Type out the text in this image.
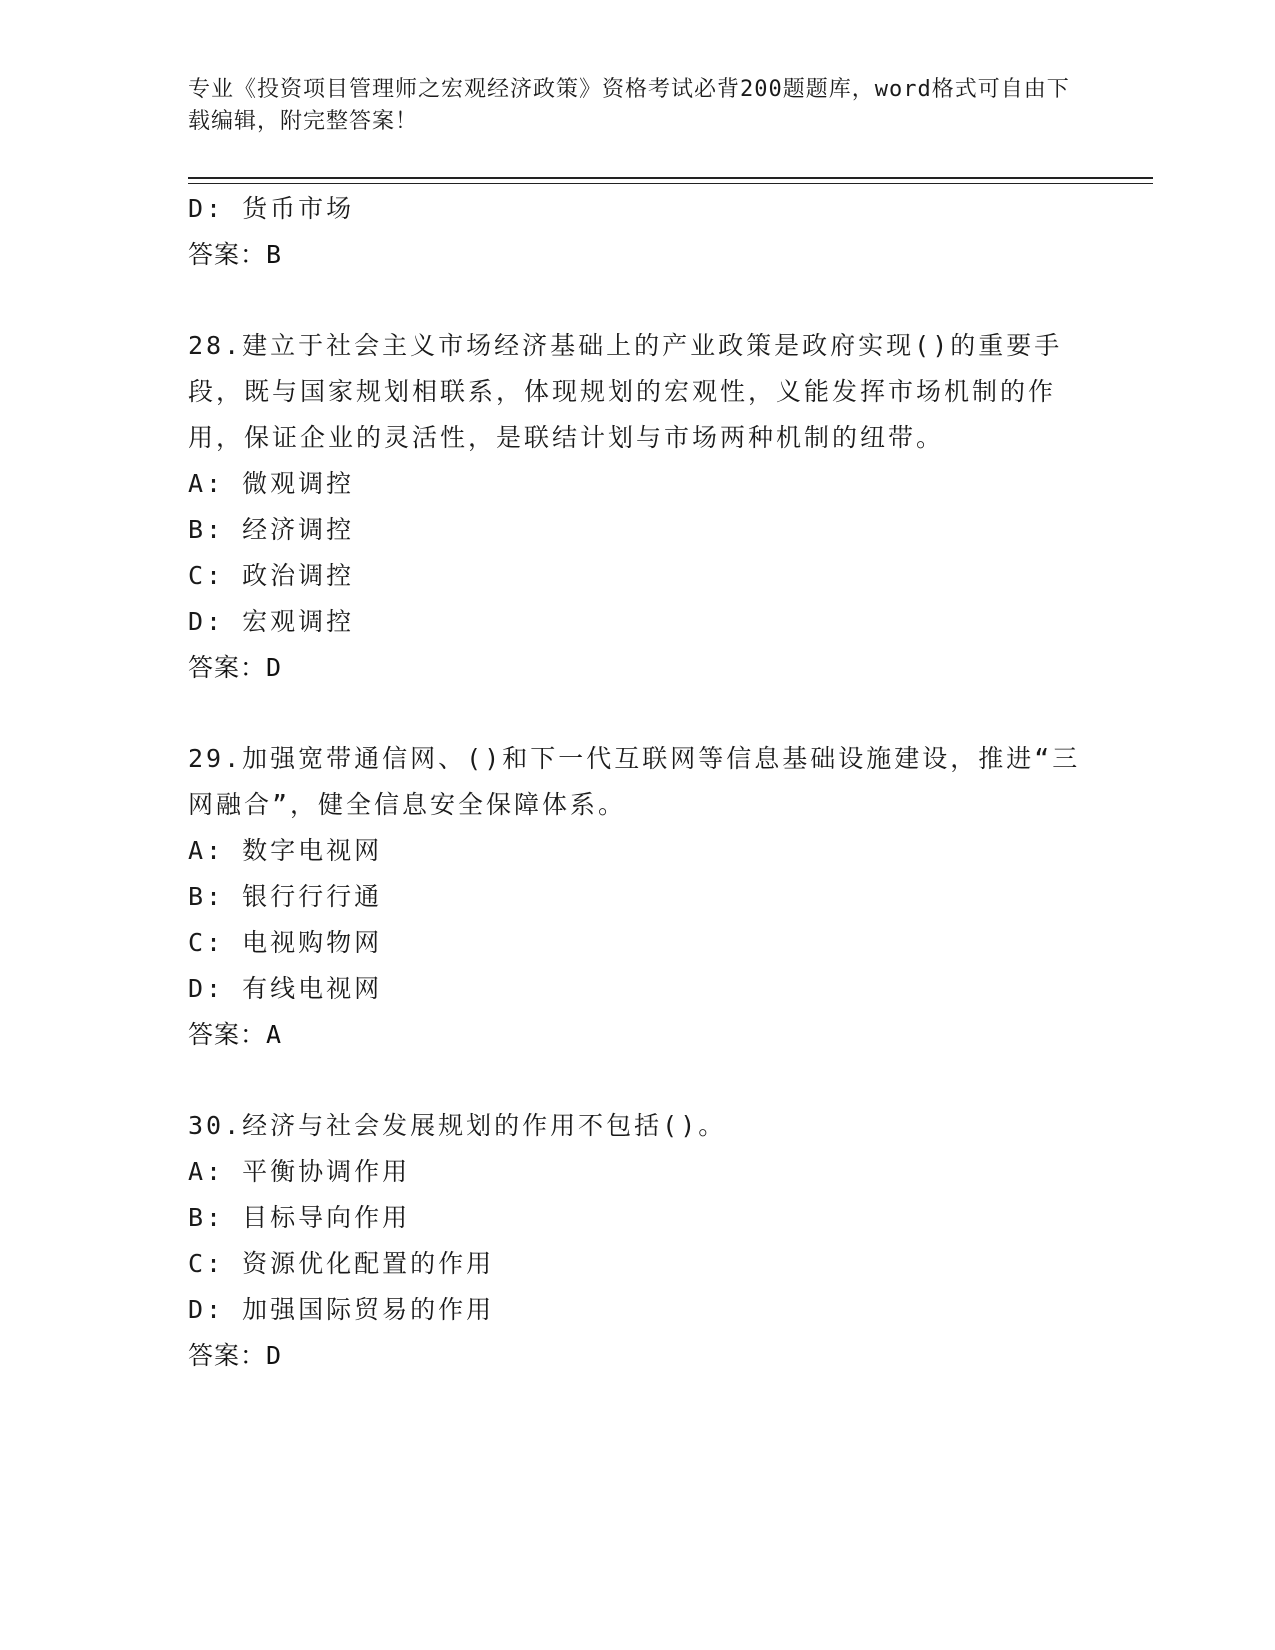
专业《投资项目管理师之宏观经济政策》资格考试必背200题题库，word格式可自由下载编辑，附完整答案！
D: 货币市场
答案：B
28.建立于社会主义市场经济基础上的产业政策是政府实现()的重要手段，既与国家规划相联系，体现规划的宏观性，义能发挥市场机制的作用，保证企业的灵活性，是联结计划与市场两种机制的纽带。
A: 微观调控
B: 经济调控
C: 政治调控
D: 宏观调控
答案：D
29.加强宽带通信网、()和下一代互联网等信息基础设施建设，推进“三网融合”，健全信息安全保障体系。
A: 数字电视网
B: 银行行行通
C: 电视购物网
D: 有线电视网
答案：A
30.经济与社会发展规划的作用不包括()。
A: 平衡协调作用
B: 目标导向作用
C: 资源优化配置的作用
D: 加强国际贸易的作用
答案：D
